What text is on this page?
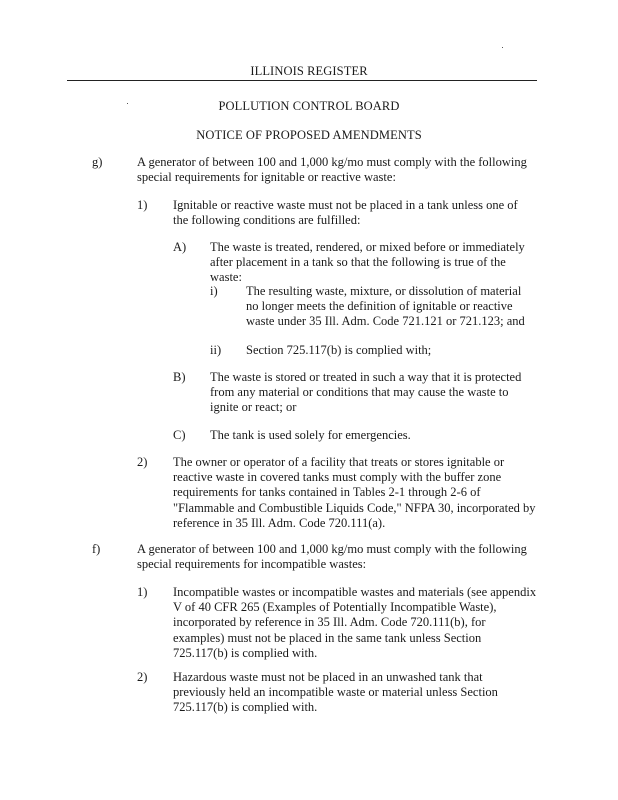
ILLINOIS REGISTER
POLLUTION CONTROL BOARD
NOTICE OF PROPOSED AMENDMENTS
g)	A generator of between 100 and 1,000 kg/mo must comply with the following special requirements for ignitable or reactive waste:

1) Ignitable or reactive waste must not be placed in a tank unless one of the following conditions are fulfilled:

A) The waste is treated, rendered, or mixed before or immediately after placement in a tank so that the following is true of the waste:

i) The resulting waste, mixture, or dissolution of material no longer meets the definition of ignitable or reactive waste under 35 Ill. Adm. Code 721.121 or 721.123; and

ii) Section 725.117(b) is complied with;

B) The waste is stored or treated in such a way that it is protected from any material or conditions that may cause the waste to ignite or react; or

C) The tank is used solely for emergencies.

2) The owner or operator of a facility that treats or stores ignitable or reactive waste in covered tanks must comply with the buffer zone requirements for tanks contained in Tables 2-1 through 2-6 of "Flammable and Combustible Liquids Code," NFPA 30, incorporated by reference in 35 Ill. Adm. Code 720.111(a).

f)	A generator of between 100 and 1,000 kg/mo must comply with the following special requirements for incompatible wastes:

1) Incompatible wastes or incompatible wastes and materials (see appendix V of 40 CFR 265 (Examples of Potentially Incompatible Waste), incorporated by reference in 35 Ill. Adm. Code 720.111(b), for examples) must not be placed in the same tank unless Section 725.117(b) is complied with.

2) Hazardous waste must not be placed in an unwashed tank that previously held an incompatible waste or material unless Section 725.117(b) is complied with.
